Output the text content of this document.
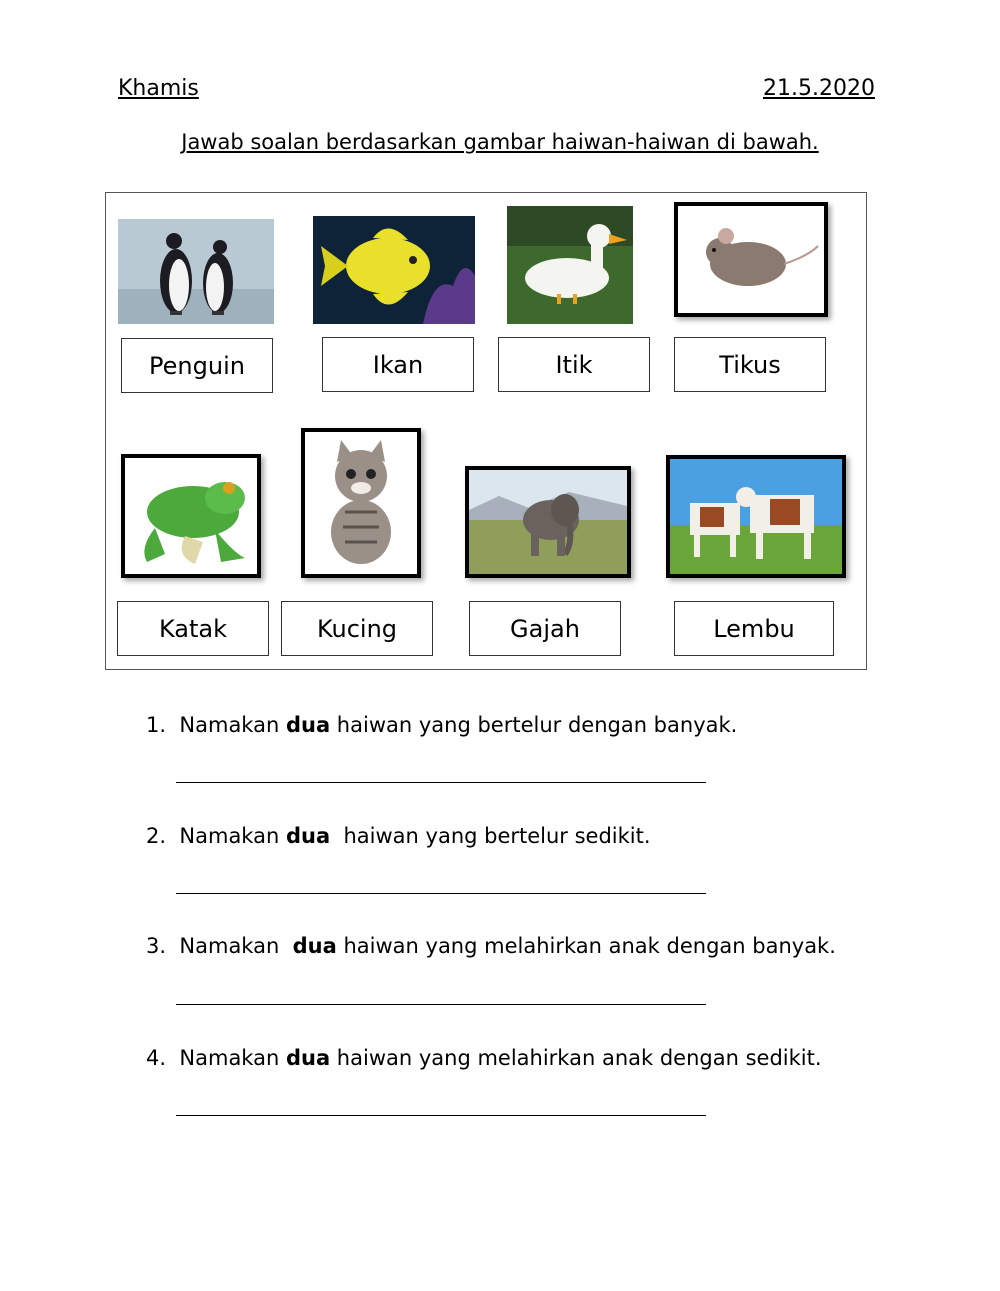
Khamis	21.5.2020
Jawab soalan berdasarkan gambar haiwan-haiwan di bawah.
Penguin	Ikan	Itik	Tikus
Katak	Kucing	Gajah	Lembu
1. Namakan dua haiwan yang bertelur dengan banyak.
2. Namakan dua  haiwan yang bertelur sedikit.
3. Namakan  dua haiwan yang melahirkan anak dengan banyak.
4. Namakan dua haiwan yang melahirkan anak dengan sedikit.
